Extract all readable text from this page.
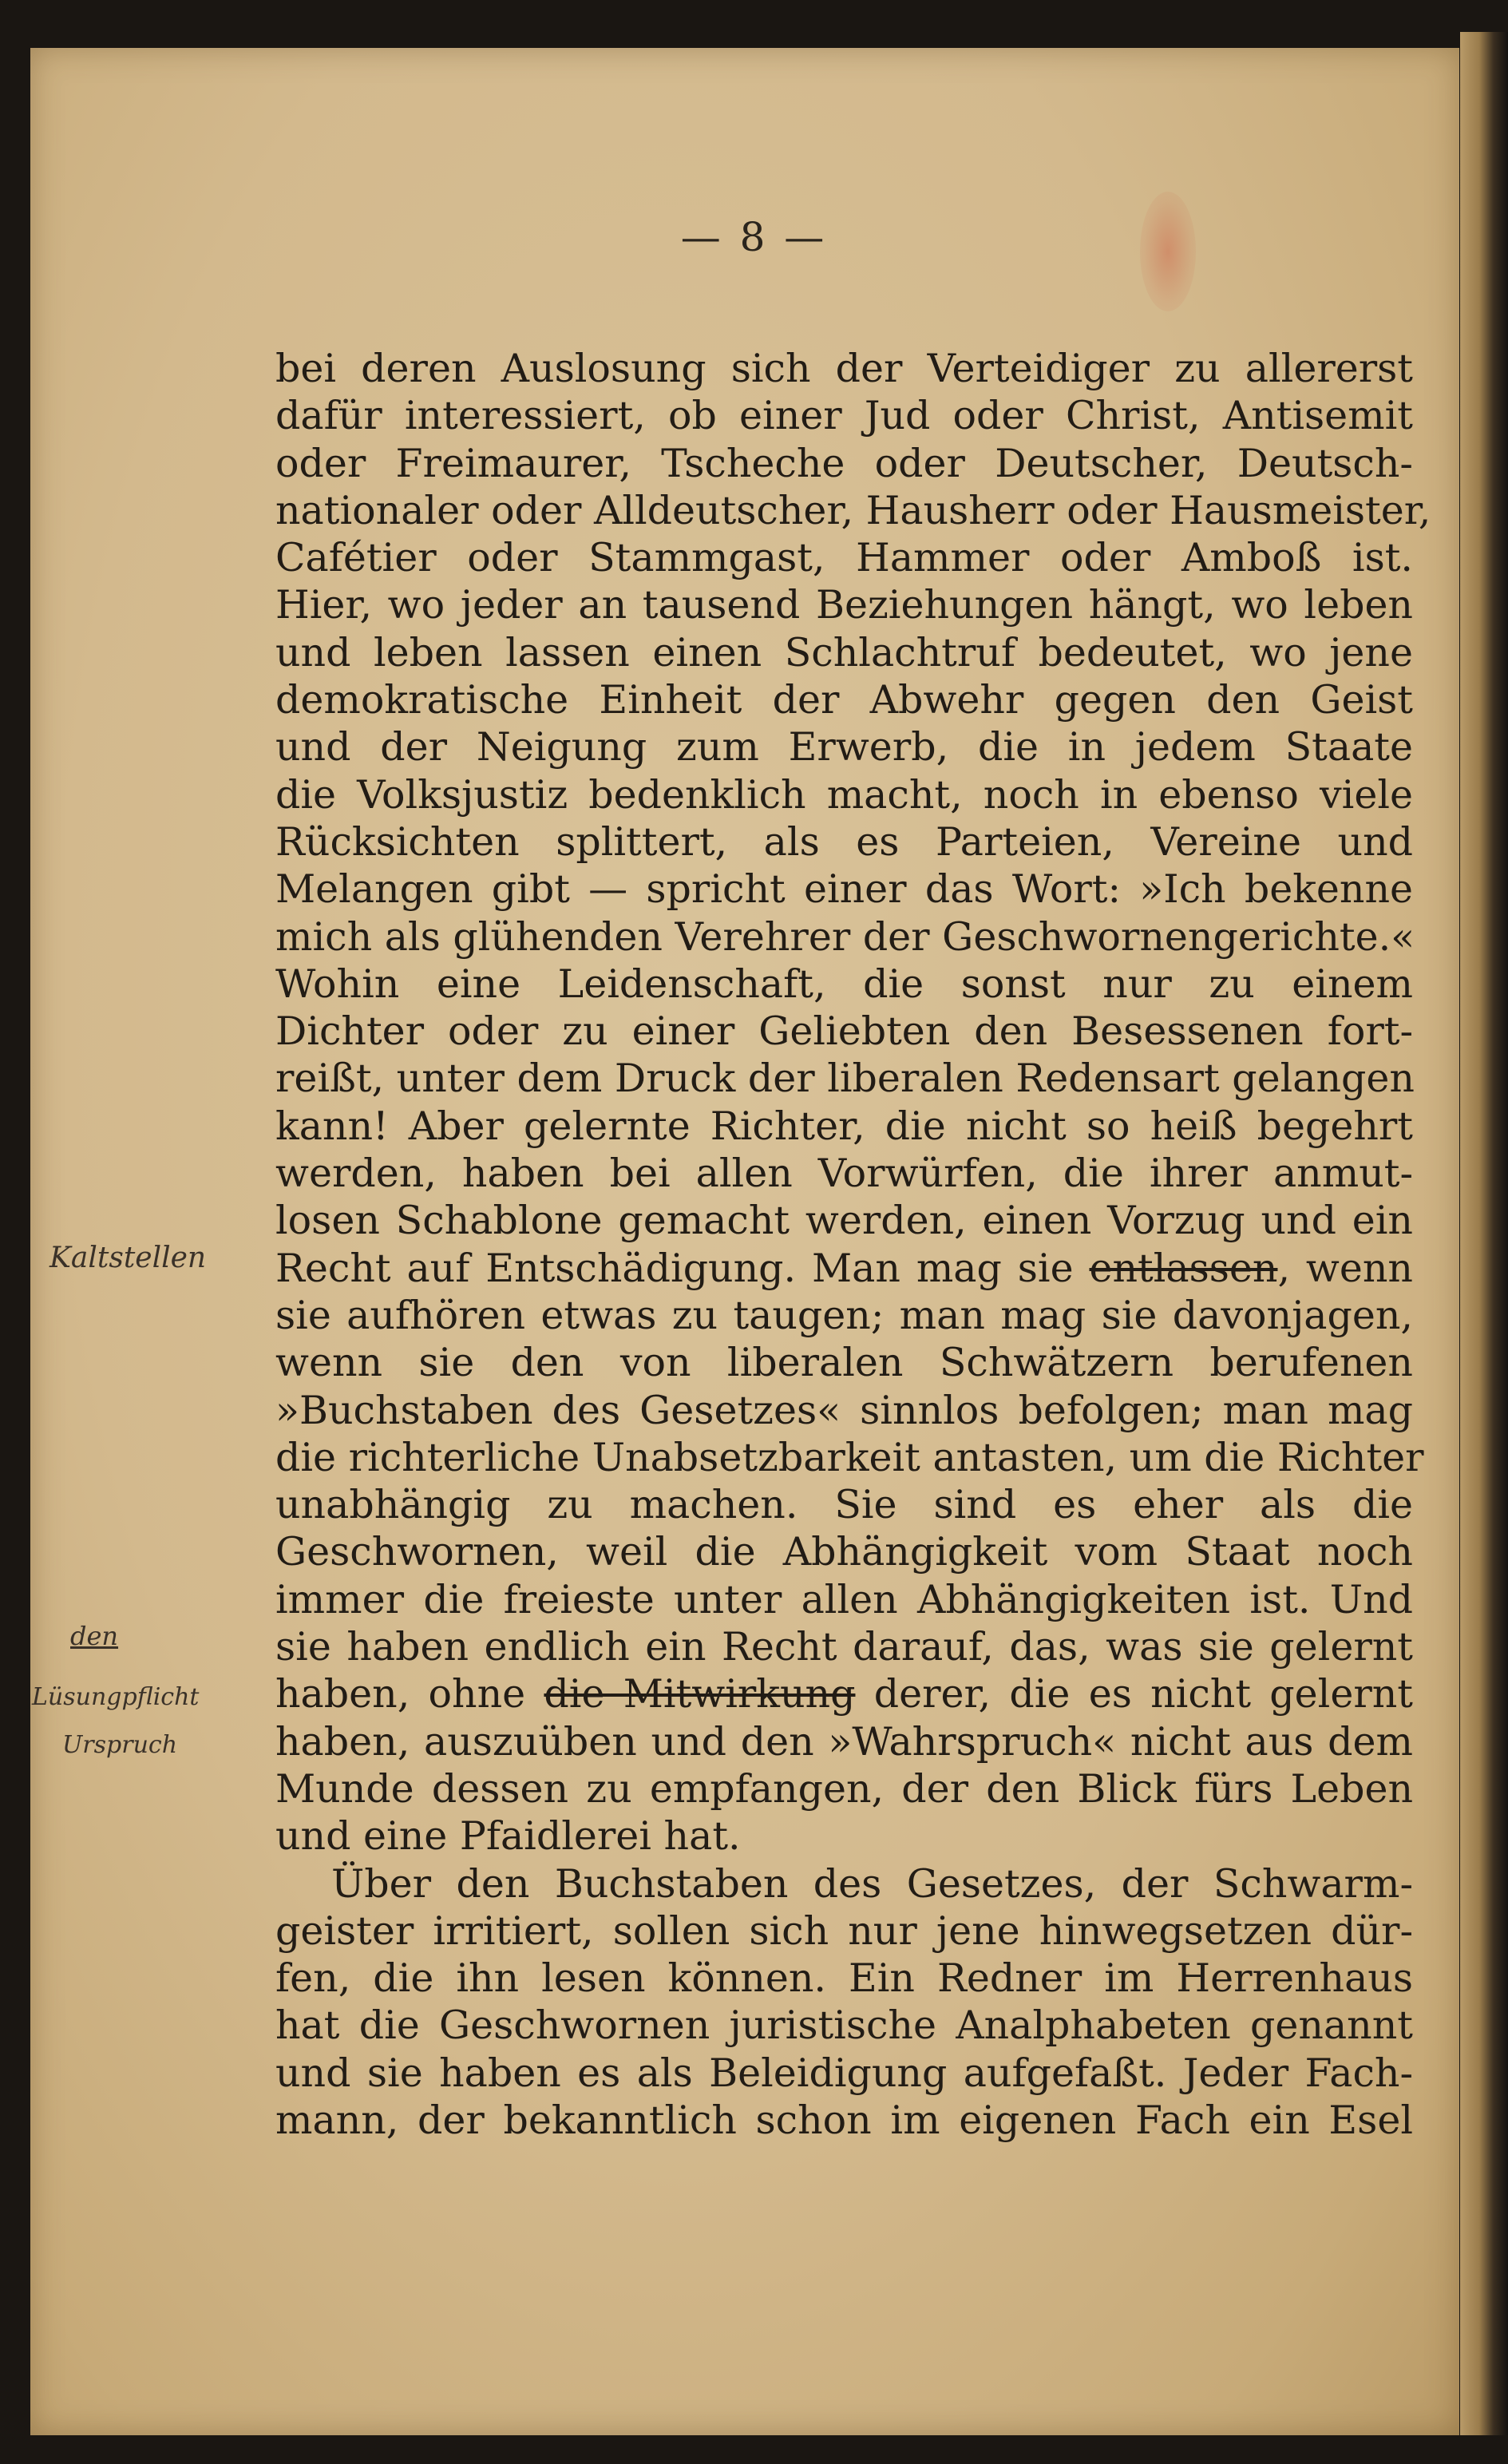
— 8 —
bei deren Auslosung sich der Verteidiger zu allererst
dafür interessiert, ob einer Jud oder Christ, Antisemit
oder Freimaurer, Tscheche oder Deutscher, Deutsch-
nationaler oder Alldeutscher, Hausherr oder Hausmeister,
Cafétier oder Stammgast, Hammer oder Amboß ist.
Hier, wo jeder an tausend Beziehungen hängt, wo leben
und leben lassen einen Schlachtruf bedeutet, wo jene
demokratische Einheit der Abwehr gegen den Geist
und der Neigung zum Erwerb, die in jedem Staate
die Volksjustiz bedenklich macht, noch in ebenso viele
Rücksichten splittert, als es Parteien, Vereine und
Melangen gibt — spricht einer das Wort: »Ich bekenne
mich als glühenden Verehrer der Geschwornengerichte.«
Wohin eine Leidenschaft, die sonst nur zu einem
Dichter oder zu einer Geliebten den Besessenen fort-
reißt, unter dem Druck der liberalen Redensart gelangen
kann! Aber gelernte Richter, die nicht so heiß begehrt
werden, haben bei allen Vorwürfen, die ihrer anmut-
losen Schablone gemacht werden, einen Vorzug und ein
Recht auf Entschädigung. Man mag sie entlassen, wenn
sie aufhören etwas zu taugen; man mag sie davonjagen,
wenn sie den von liberalen Schwätzern berufenen
»Buchstaben des Gesetzes« sinnlos befolgen; man mag
die richterliche Unabsetzbarkeit antasten, um die Richter
unabhängig zu machen. Sie sind es eher als die
Geschwornen, weil die Abhängigkeit vom Staat noch
immer die freieste unter allen Abhängigkeiten ist. Und
sie haben endlich ein Recht darauf, das, was sie gelernt
haben, ohne die Mitwirkung derer, die es nicht gelernt
haben, auszuüben und den »Wahrspruch« nicht aus dem
Munde dessen zu empfangen, der den Blick fürs Leben
und eine Pfaidlerei hat.
Über den Buchstaben des Gesetzes, der Schwarm-
geister irritiert, sollen sich nur jene hinwegsetzen dür-
fen, die ihn lesen können. Ein Redner im Herrenhaus
hat die Geschwornen juristische Analphabeten genannt
und sie haben es als Beleidigung aufgefaßt. Jeder Fach-
mann, der bekanntlich schon im eigenen Fach ein Esel
Kaltstellen
den
Lüsungpflicht
Urspruch
